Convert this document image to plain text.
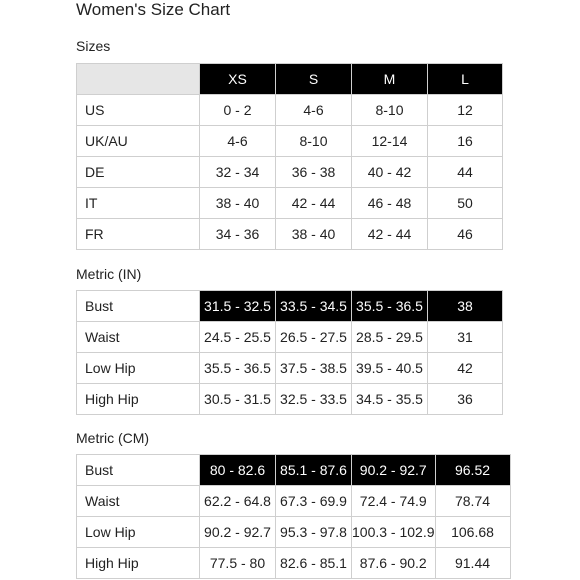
Women's Size Chart
Sizes
	XS	S	M	L
US	0 - 2	4-6	8-10	12
UK/AU	4-6	8-10	12-14	16
DE	32 - 34	36 - 38	40 - 42	44
IT	38 - 40	42 - 44	46 - 48	50
FR	34 - 36	38 - 40	42 - 44	46
Metric (IN)
Bust	31.5 - 32.5	33.5 - 34.5	35.5 - 36.5	38
Waist	24.5 - 25.5	26.5 - 27.5	28.5 - 29.5	31
Low Hip	35.5 - 36.5	37.5 - 38.5	39.5 - 40.5	42
High Hip	30.5 - 31.5	32.5 - 33.5	34.5 - 35.5	36
Metric (CM)
Bust	80 - 82.6	85.1 - 87.6	90.2 - 92.7	96.52
Waist	62.2 - 64.8	67.3 - 69.9	72.4 - 74.9	78.74
Low Hip	90.2 - 92.7	95.3 - 97.8	100.3 - 102.9	106.68
High Hip	77.5 - 80	82.6 - 85.1	87.6 - 90.2	91.44
